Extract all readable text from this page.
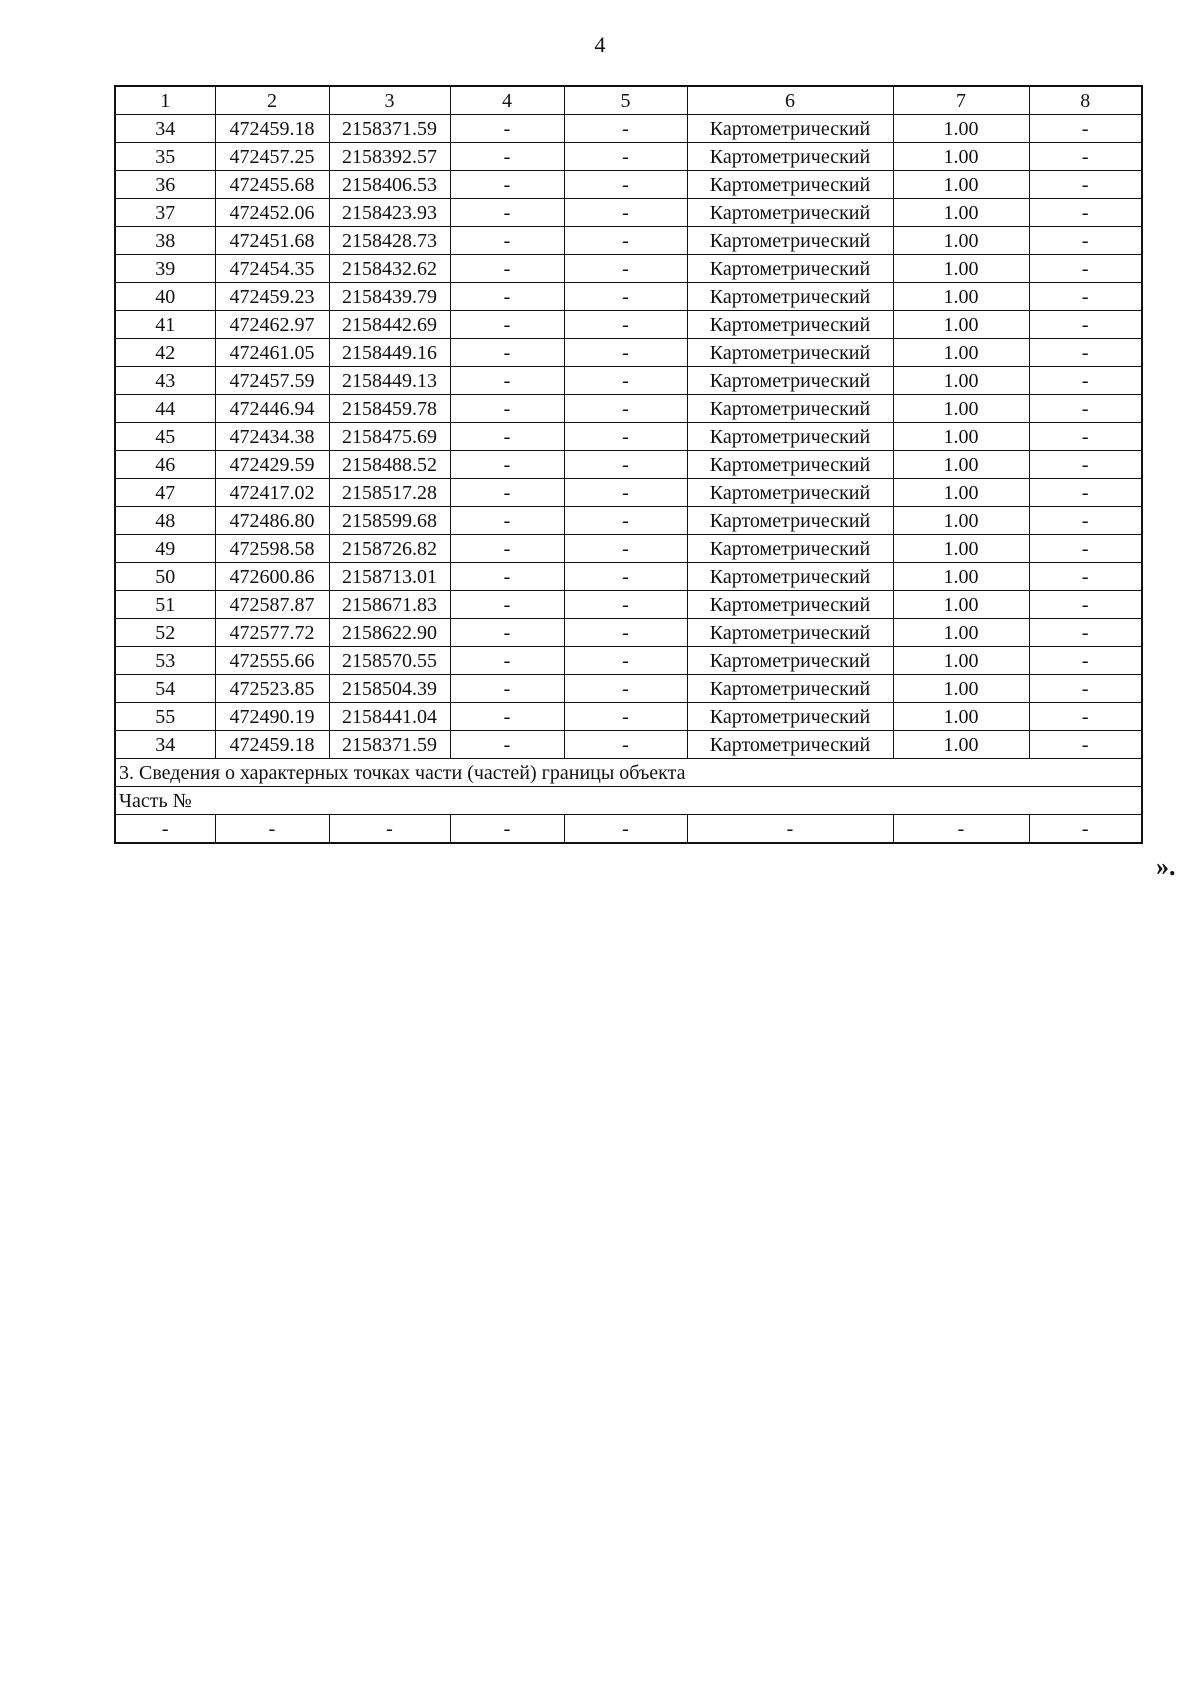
4
1	2	3	4	5	6	7	8
34	472459.18	2158371.59	-	-	Картометрический	1.00	-
35	472457.25	2158392.57	-	-	Картометрический	1.00	-
36	472455.68	2158406.53	-	-	Картометрический	1.00	-
37	472452.06	2158423.93	-	-	Картометрический	1.00	-
38	472451.68	2158428.73	-	-	Картометрический	1.00	-
39	472454.35	2158432.62	-	-	Картометрический	1.00	-
40	472459.23	2158439.79	-	-	Картометрический	1.00	-
41	472462.97	2158442.69	-	-	Картометрический	1.00	-
42	472461.05	2158449.16	-	-	Картометрический	1.00	-
43	472457.59	2158449.13	-	-	Картометрический	1.00	-
44	472446.94	2158459.78	-	-	Картометрический	1.00	-
45	472434.38	2158475.69	-	-	Картометрический	1.00	-
46	472429.59	2158488.52	-	-	Картометрический	1.00	-
47	472417.02	2158517.28	-	-	Картометрический	1.00	-
48	472486.80	2158599.68	-	-	Картометрический	1.00	-
49	472598.58	2158726.82	-	-	Картометрический	1.00	-
50	472600.86	2158713.01	-	-	Картометрический	1.00	-
51	472587.87	2158671.83	-	-	Картометрический	1.00	-
52	472577.72	2158622.90	-	-	Картометрический	1.00	-
53	472555.66	2158570.55	-	-	Картометрический	1.00	-
54	472523.85	2158504.39	-	-	Картометрический	1.00	-
55	472490.19	2158441.04	-	-	Картометрический	1.00	-
34	472459.18	2158371.59	-	-	Картометрический	1.00	-
3. Сведения о характерных точках части (частей) границы объекта							
Часть №							
-	-	-	-	-	-	-	-
».
